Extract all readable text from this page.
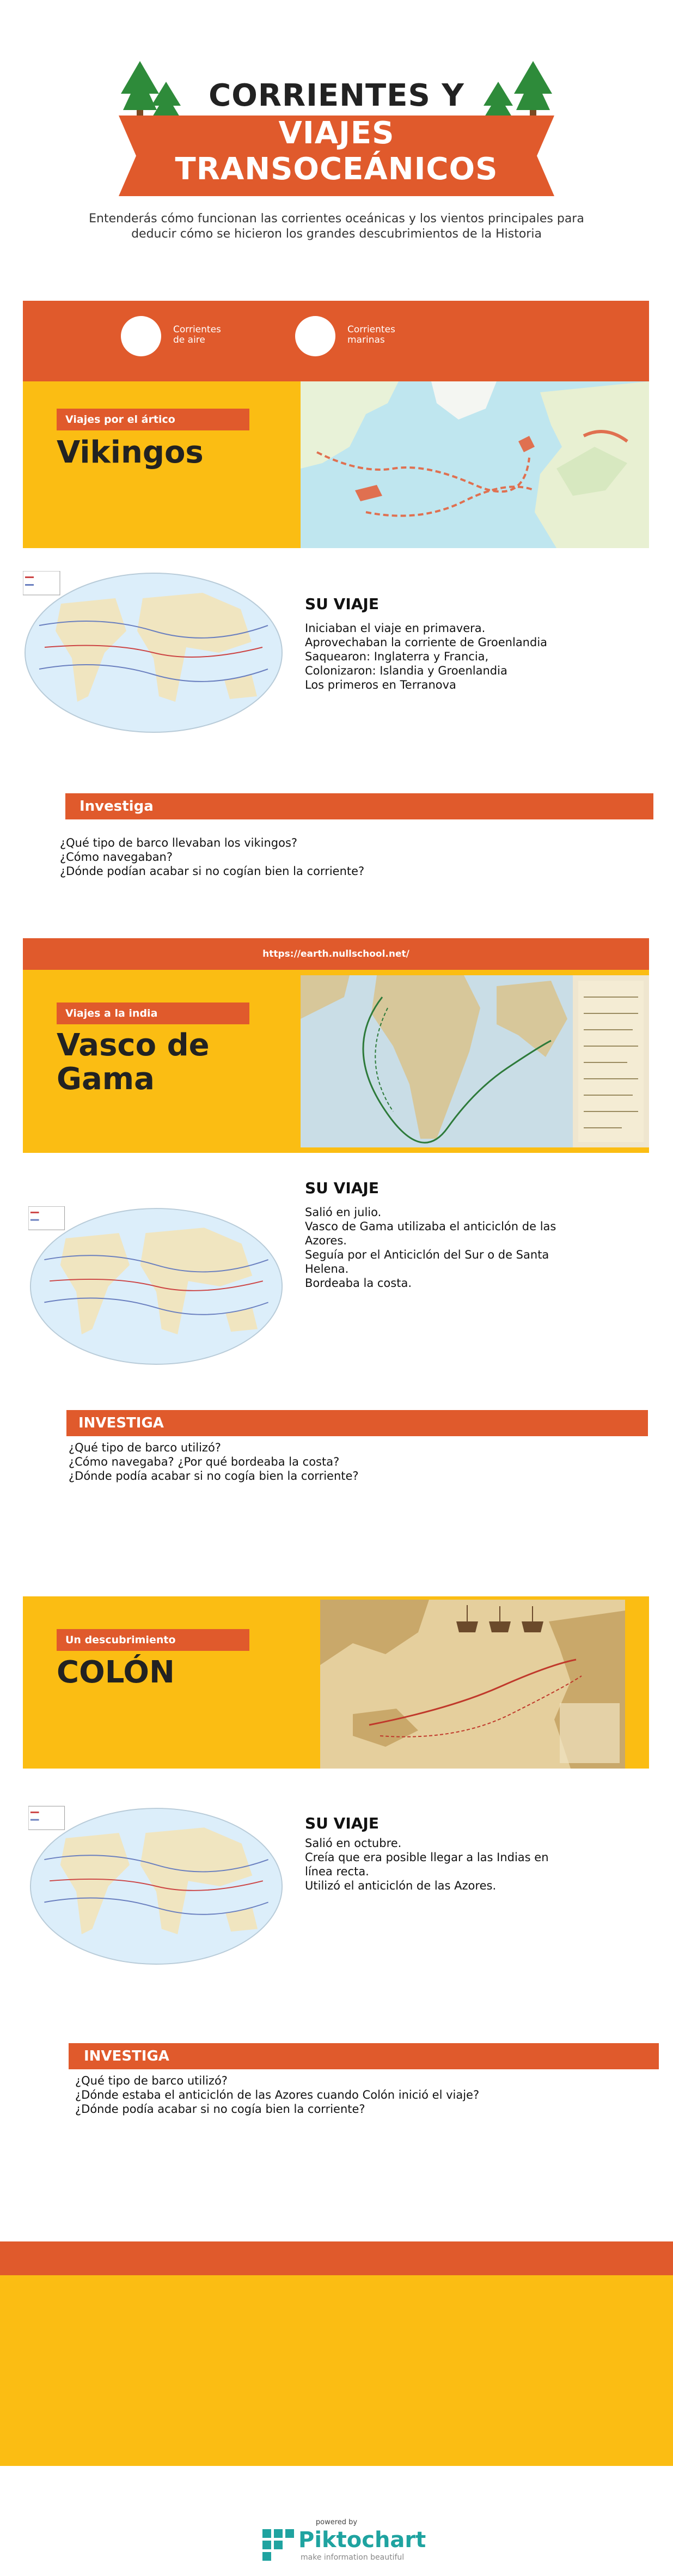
CORRIENTES Y
VIAJES
TRANSOCEÁNICOS
Entenderás cómo funcionan las corrientes oceánicas y los vientos principales para deducir cómo se hicieron los grandes descubrimientos de la Historia
Corrientes de aire
Corrientes marinas
Viajes por el ártico
Vikingos
SU VIAJE
Iniciaban el viaje en primavera.
Aprovechaban la corriente de Groenlandia
Saquearon: Inglaterra y Francia,
Colonizaron: Islandia y Groenlandia
Los primeros en Terranova
Investiga
¿Qué tipo de barco llevaban los vikingos?
¿Cómo navegaban?
¿Dónde podían acabar si no cogían bien la corriente?
https://earth.nullschool.net/
Viajes a la india
Vasco de
Gama
SU VIAJE
Salió en julio.
Vasco de Gama utilizaba el anticiclón de las
Azores.
Seguía por el Anticiclón del Sur o de Santa
Helena.
Bordeaba la costa.
INVESTIGA
¿Qué tipo de barco utilizó?
¿Cómo navegaba? ¿Por qué bordeaba la costa?
¿Dónde podía acabar si no cogía bien la corriente?
Un descubrimiento
COLÓN
SU VIAJE
Salió en octubre.
Creía que era posible llegar a las Indias en
línea recta.
Utilizó el anticiclón de las Azores.
INVESTIGA
¿Qué tipo de barco utilizó?
¿Dónde estaba el anticiclón de las Azores cuando Colón inició el viaje?
¿Dónde podía acabar si no cogía bien la corriente?
powered by
Piktochart
make information beautiful
